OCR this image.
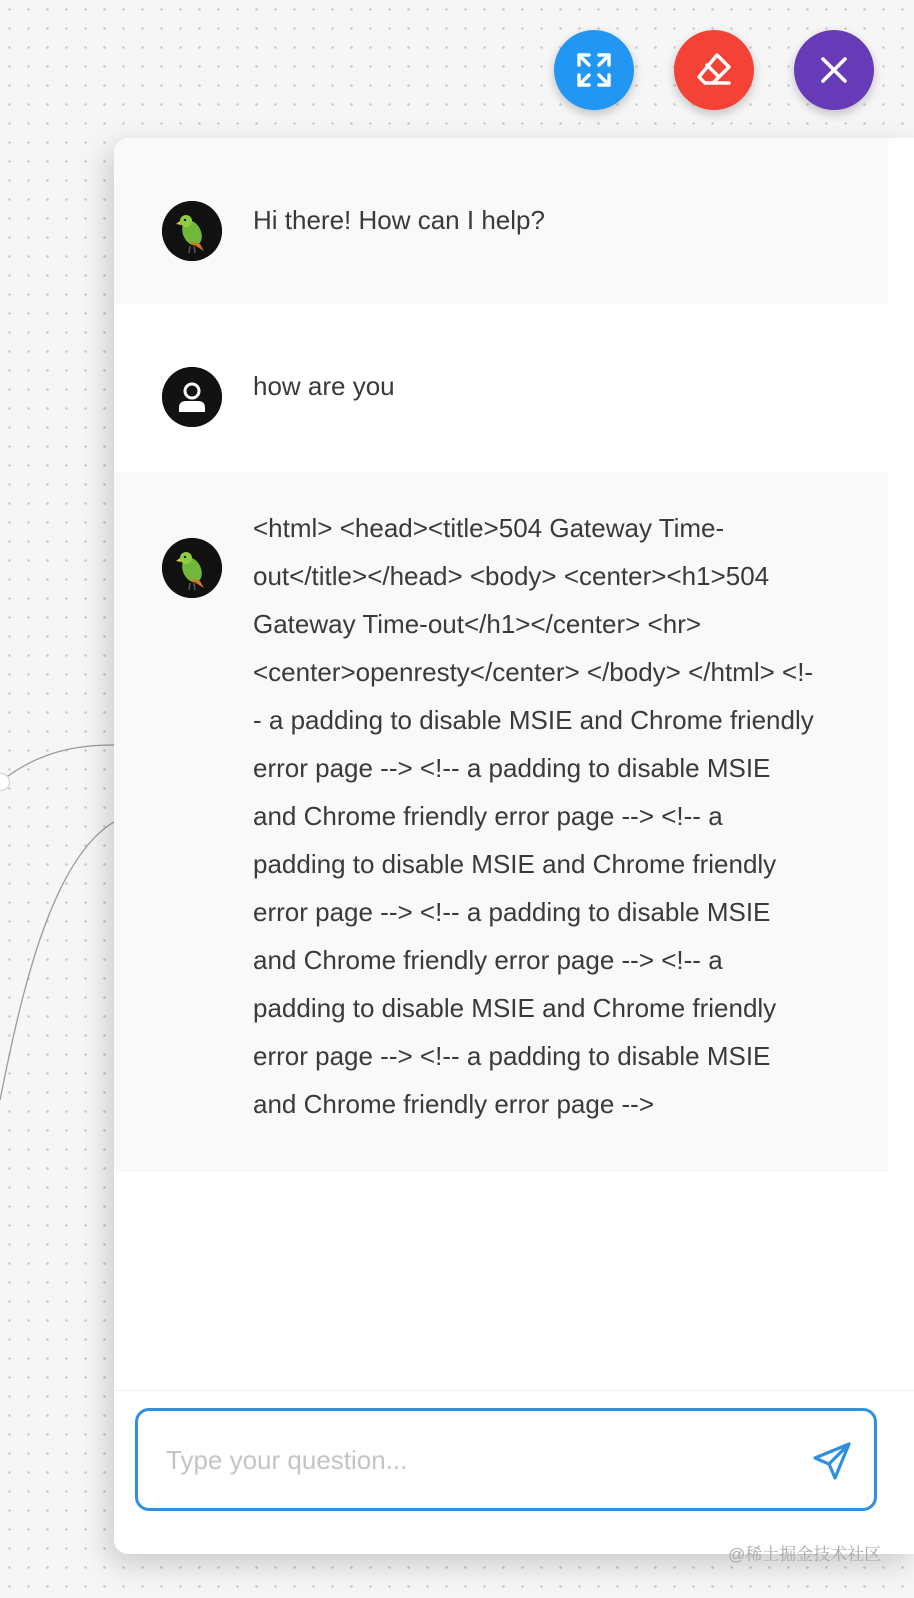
Hi there! How can I help?
how are you
<html> <head><title>504 Gateway Time-out</title></head> <body> <center><h1>504 Gateway Time-out</h1></center> <hr> <center>openresty</center> </body> </html> <!-- a padding to disable MSIE and Chrome friendly error page --> <!-- a padding to disable MSIE and Chrome friendly error page --> <!-- a padding to disable MSIE and Chrome friendly error page --> <!-- a padding to disable MSIE and Chrome friendly error page --> <!-- a padding to disable MSIE and Chrome friendly error page --> <!-- a padding to disable MSIE and Chrome friendly error page -->
Type your question...
@稀土掘金技术社区
